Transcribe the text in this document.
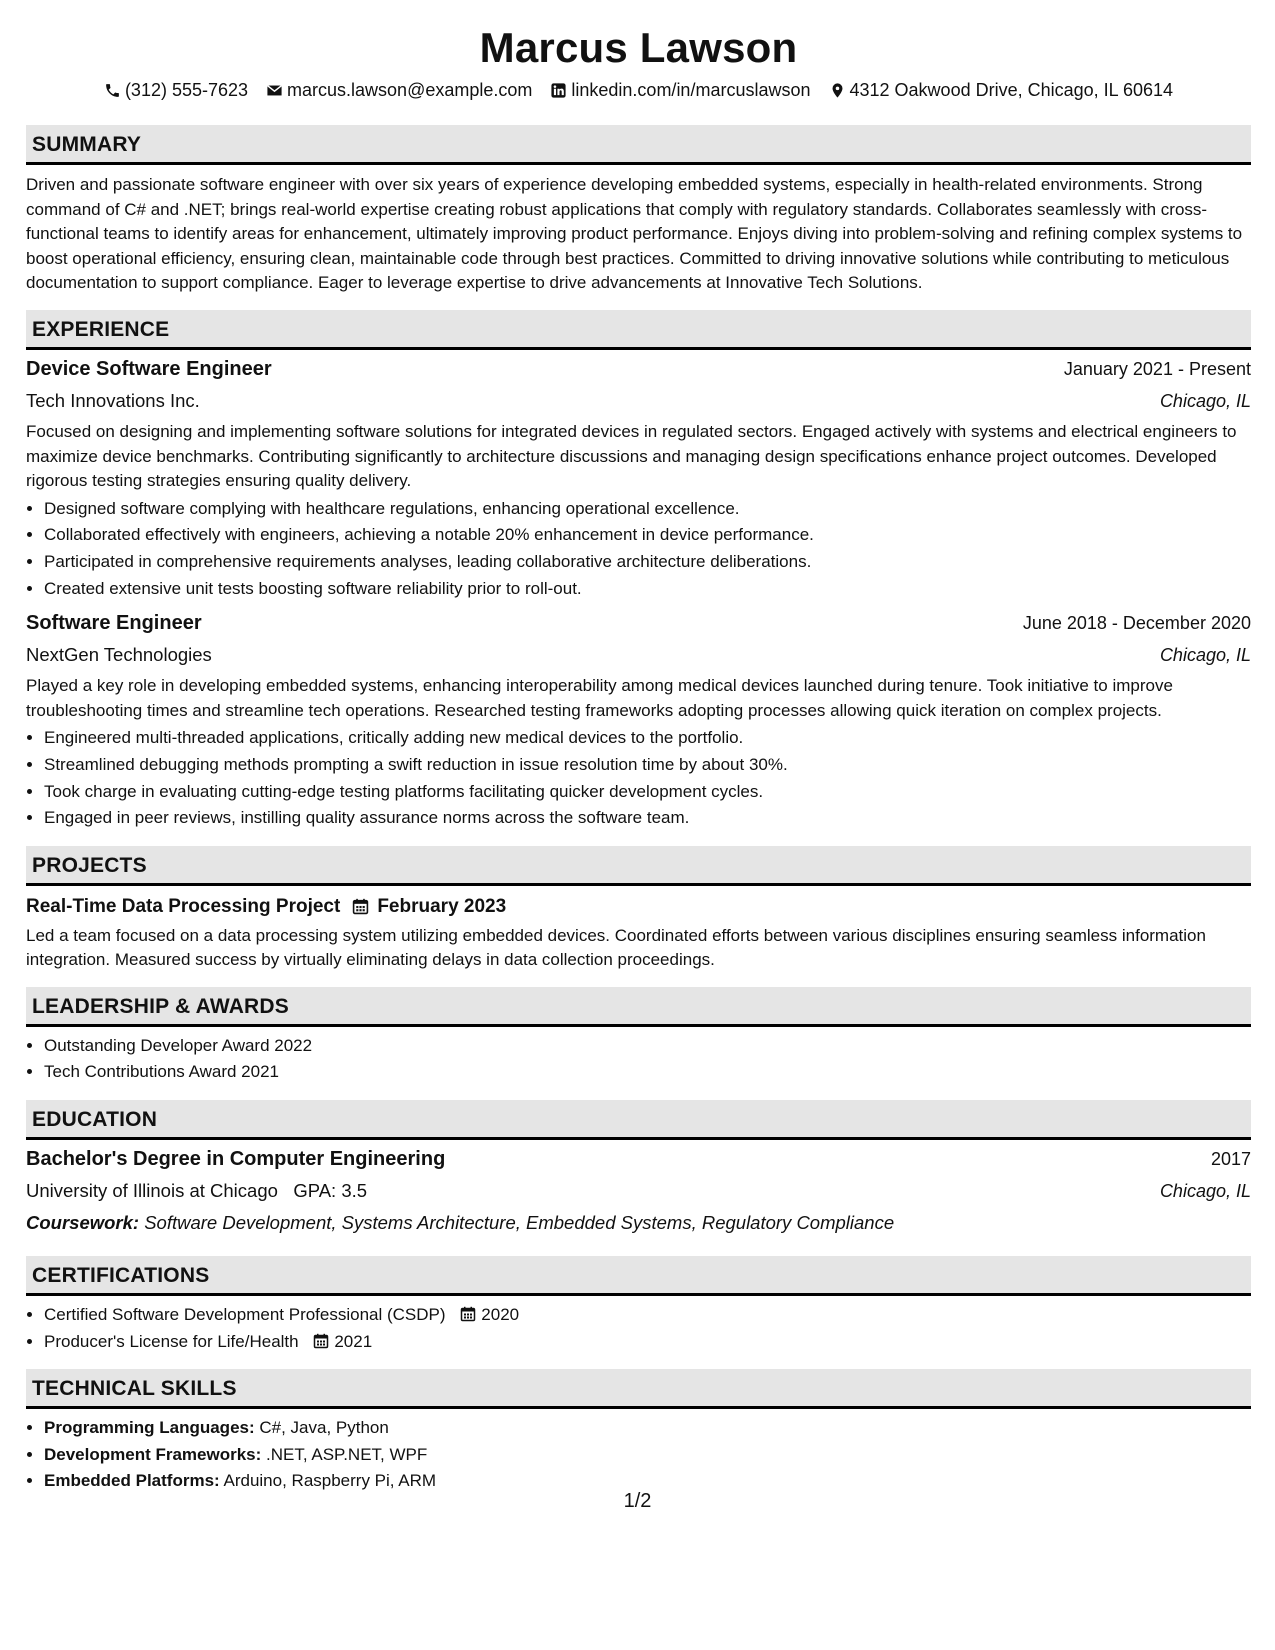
Marcus Lawson
(312) 555-7623 marcus.lawson@example.com linkedin.com/in/marcuslawson 4312 Oakwood Drive, Chicago, IL 60614
SUMMARY
Driven and passionate software engineer with over six years of experience developing embedded systems, especially in health-related environments. Strong command of C# and .NET; brings real-world expertise creating robust applications that comply with regulatory standards. Collaborates seamlessly with cross-functional teams to identify areas for enhancement, ultimately improving product performance. Enjoys diving into problem-solving and refining complex systems to boost operational efficiency, ensuring clean, maintainable code through best practices. Committed to driving innovative solutions while contributing to meticulous documentation to support compliance. Eager to leverage expertise to drive advancements at Innovative Tech Solutions.
EXPERIENCE
Device Software Engineer	January 2021 - Present
Tech Innovations Inc.	Chicago, IL
Focused on designing and implementing software solutions for integrated devices in regulated sectors. Engaged actively with systems and electrical engineers to maximize device benchmarks. Contributing significantly to architecture discussions and managing design specifications enhance project outcomes. Developed rigorous testing strategies ensuring quality delivery.
• Designed software complying with healthcare regulations, enhancing operational excellence.
• Collaborated effectively with engineers, achieving a notable 20% enhancement in device performance.
• Participated in comprehensive requirements analyses, leading collaborative architecture deliberations.
• Created extensive unit tests boosting software reliability prior to roll-out.
Software Engineer	June 2018 - December 2020
NextGen Technologies	Chicago, IL
Played a key role in developing embedded systems, enhancing interoperability among medical devices launched during tenure. Took initiative to improve troubleshooting times and streamline tech operations. Researched testing frameworks adopting processes allowing quick iteration on complex projects.
• Engineered multi-threaded applications, critically adding new medical devices to the portfolio.
• Streamlined debugging methods prompting a swift reduction in issue resolution time by about 30%.
• Took charge in evaluating cutting-edge testing platforms facilitating quicker development cycles.
• Engaged in peer reviews, instilling quality assurance norms across the software team.
PROJECTS
Real-Time Data Processing Project February 2023
Led a team focused on a data processing system utilizing embedded devices. Coordinated efforts between various disciplines ensuring seamless information integration. Measured success by virtually eliminating delays in data collection proceedings.
LEADERSHIP & AWARDS
• Outstanding Developer Award 2022
• Tech Contributions Award 2021
EDUCATION
Bachelor's Degree in Computer Engineering	2017
University of Illinois at Chicago GPA: 3.5	Chicago, IL
Coursework: Software Development, Systems Architecture, Embedded Systems, Regulatory Compliance
CERTIFICATIONS
• Certified Software Development Professional (CSDP) 2020
• Producer's License for Life/Health 2021
TECHNICAL SKILLS
• Programming Languages: C#, Java, Python
• Development Frameworks: .NET, ASP.NET, WPF
• Embedded Platforms: Arduino, Raspberry Pi, ARM
1/2
